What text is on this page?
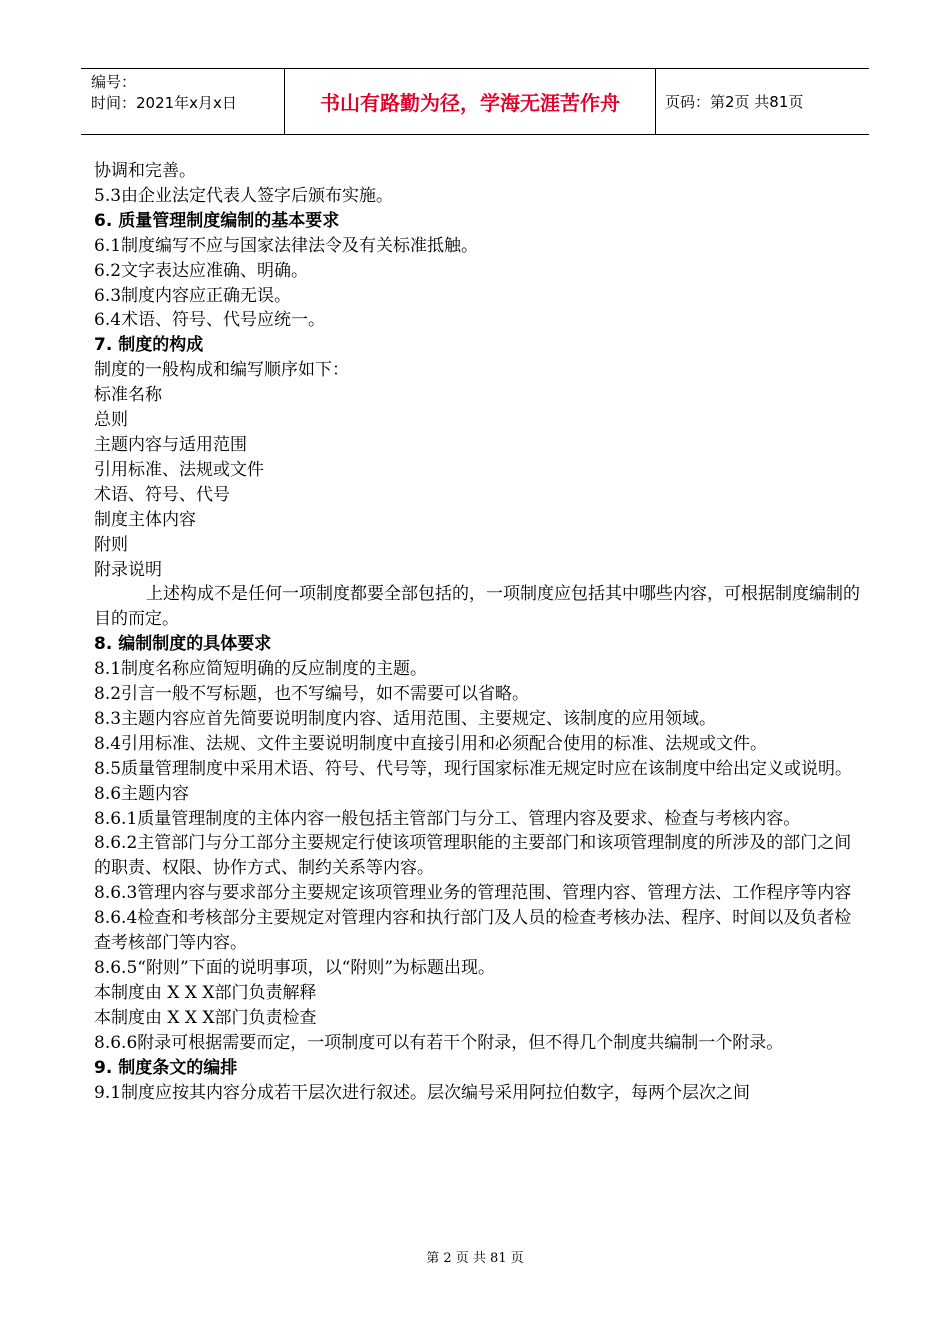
编号：
时间：2021年x月x日	书山有路勤为径，学海无涯苦作舟	页码：第2页 共81页
协调和完善。
5.3由企业法定代表人签字后颁布实施。
6. 质量管理制度编制的基本要求
6.1制度编写不应与国家法律法令及有关标准抵触。
6.2文字表达应准确、明确。
6.3制度内容应正确无误。
6.4术语、符号、代号应统一。
7. 制度的构成
制度的一般构成和编写顺序如下：
标准名称
总则
主题内容与适用范围
引用标准、法规或文件
术语、符号、代号
制度主体内容
附则
附录说明
上述构成不是任何一项制度都要全部包括的，一项制度应包括其中哪些内容，可根据制度编制的目的而定。
8. 编制制度的具体要求
8.1制度名称应简短明确的反应制度的主题。
8.2引言一般不写标题，也不写编号，如不需要可以省略。
8.3主题内容应首先简要说明制度内容、适用范围、主要规定、该制度的应用领域。
8.4引用标准、法规、文件主要说明制度中直接引用和必须配合使用的标准、法规或文件。
8.5质量管理制度中采用术语、符号、代号等，现行国家标准无规定时应在该制度中给出定义或说明。
8.6主题内容
8.6.1质量管理制度的主体内容一般包括主管部门与分工、管理内容及要求、检查与考核内容。
8.6.2主管部门与分工部分主要规定行使该项管理职能的主要部门和该项管理制度的所涉及的部门之间的职责、权限、协作方式、制约关系等内容。
8.6.3管理内容与要求部分主要规定该项管理业务的管理范围、管理内容、管理方法、工作程序等内容
8.6.4检查和考核部分主要规定对管理内容和执行部门及人员的检查考核办法、程序、时间以及负者检查考核部门等内容。
8.6.5“附则”下面的说明事项，以“附则”为标题出现。
本制度由 X X X部门负责解释
本制度由 X X X部门负责检查
8.6.6附录可根据需要而定，一项制度可以有若干个附录，但不得几个制度共编制一个附录。
9. 制度条文的编排
9.1制度应按其内容分成若干层次进行叙述。层次编号采用阿拉伯数字，每两个层次之间
第 2 页 共 81 页
